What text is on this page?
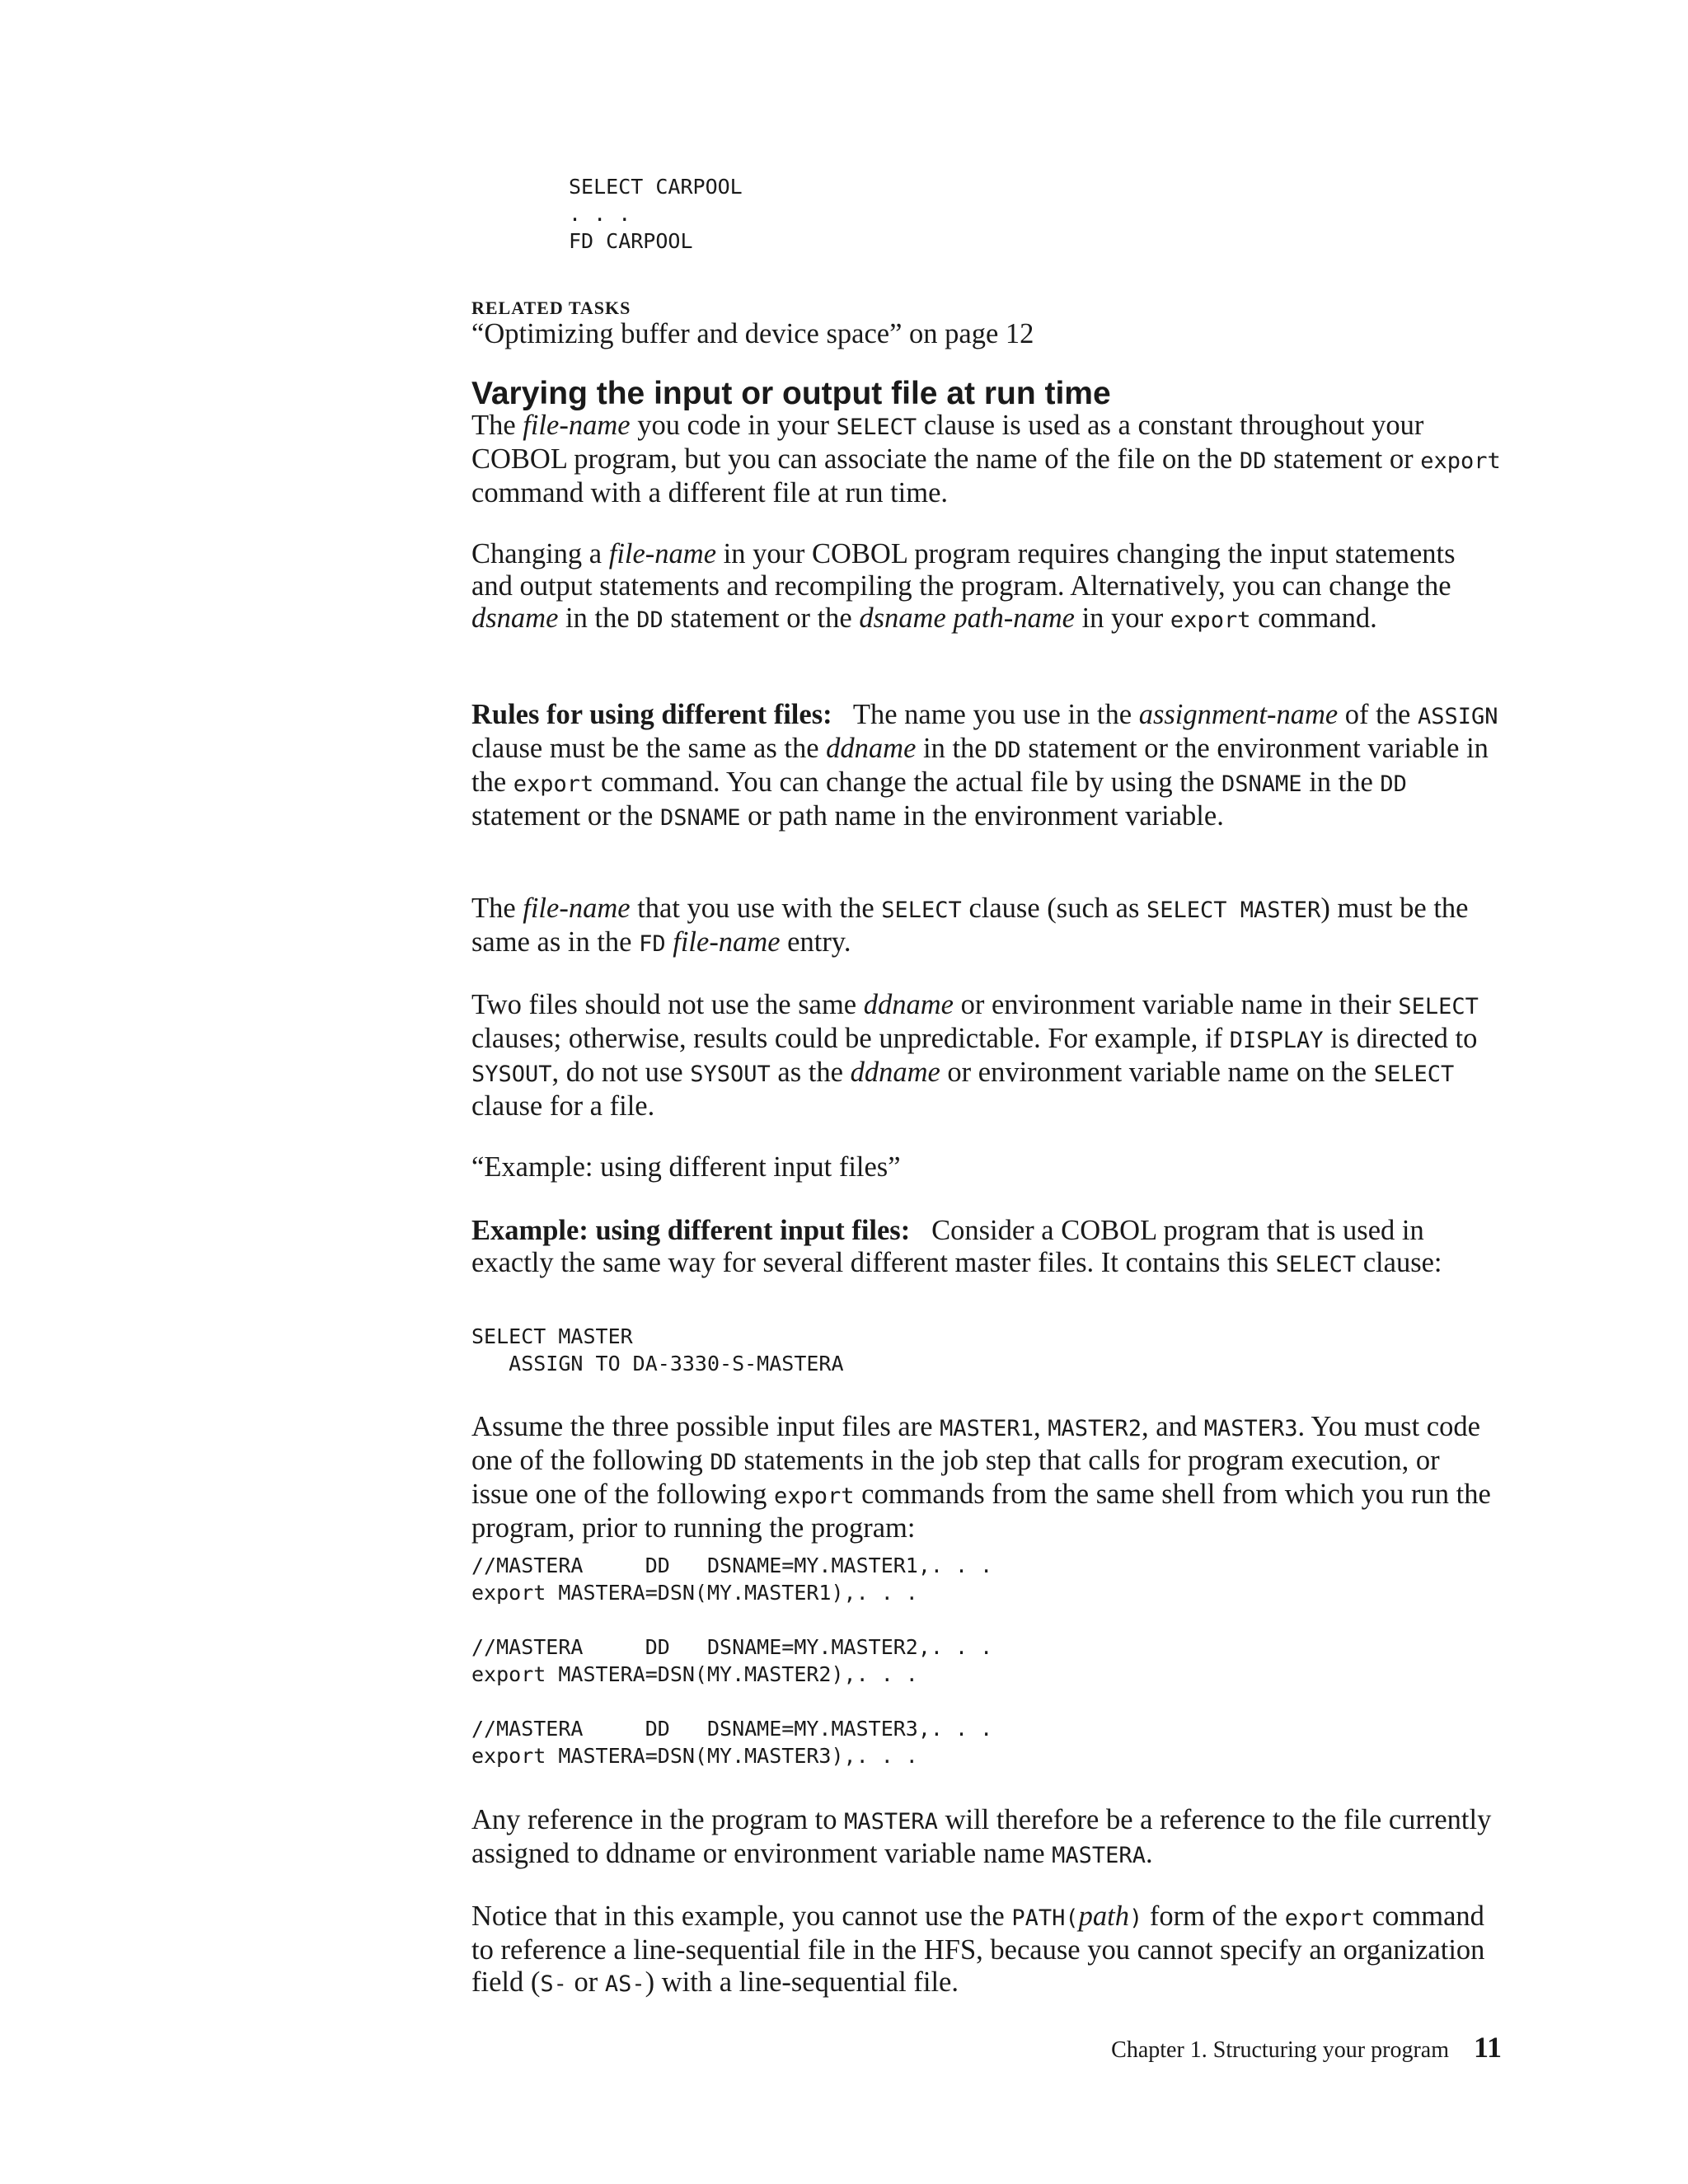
SELECT CARPOOL
. . .
FD CARPOOL
RELATED TASKS
“Optimizing buffer and device space” on page 12
Varying the input or output file at run time
The file-name you code in your SELECT clause is used as a constant throughout your COBOL program, but you can associate the name of the file on the DD statement or export command with a different file at run time.
Changing a file-name in your COBOL program requires changing the input statements and output statements and recompiling the program. Alternatively, you can change the dsname in the DD statement or the dsname path-name in your export command.
Rules for using different files:   The name you use in the assignment-name of the ASSIGN clause must be the same as the ddname in the DD statement or the environment variable in the export command. You can change the actual file by using the DSNAME in the DD statement or the DSNAME or path name in the environment variable.
The file-name that you use with the SELECT clause (such as SELECT MASTER) must be the same as in the FD file-name entry.
Two files should not use the same ddname or environment variable name in their SELECT clauses; otherwise, results could be unpredictable. For example, if DISPLAY is directed to SYSOUT, do not use SYSOUT as the ddname or environment variable name on the SELECT clause for a file.
“Example: using different input files”
Example: using different input files:   Consider a COBOL program that is used in exactly the same way for several different master files. It contains this SELECT clause:
SELECT MASTER
ASSIGN TO DA-3330-S-MASTERA
Assume the three possible input files are MASTER1, MASTER2, and MASTER3. You must code one of the following DD statements in the job step that calls for program execution, or issue one of the following export commands from the same shell from which you run the program, prior to running the program:
//MASTERA     DD   DSNAME=MY.MASTER1,. . .
export MASTERA=DSN(MY.MASTER1),. . .
//MASTERA     DD   DSNAME=MY.MASTER2,. . .
export MASTERA=DSN(MY.MASTER2),. . .
//MASTERA     DD   DSNAME=MY.MASTER3,. . .
export MASTERA=DSN(MY.MASTER3),. . .
Any reference in the program to MASTERA will therefore be a reference to the file currently assigned to ddname or environment variable name MASTERA.
Notice that in this example, you cannot use the PATH(path) form of the export command to reference a line-sequential file in the HFS, because you cannot specify an organization field (S- or AS-) with a line-sequential file.
Chapter 1. Structuring your program 11
